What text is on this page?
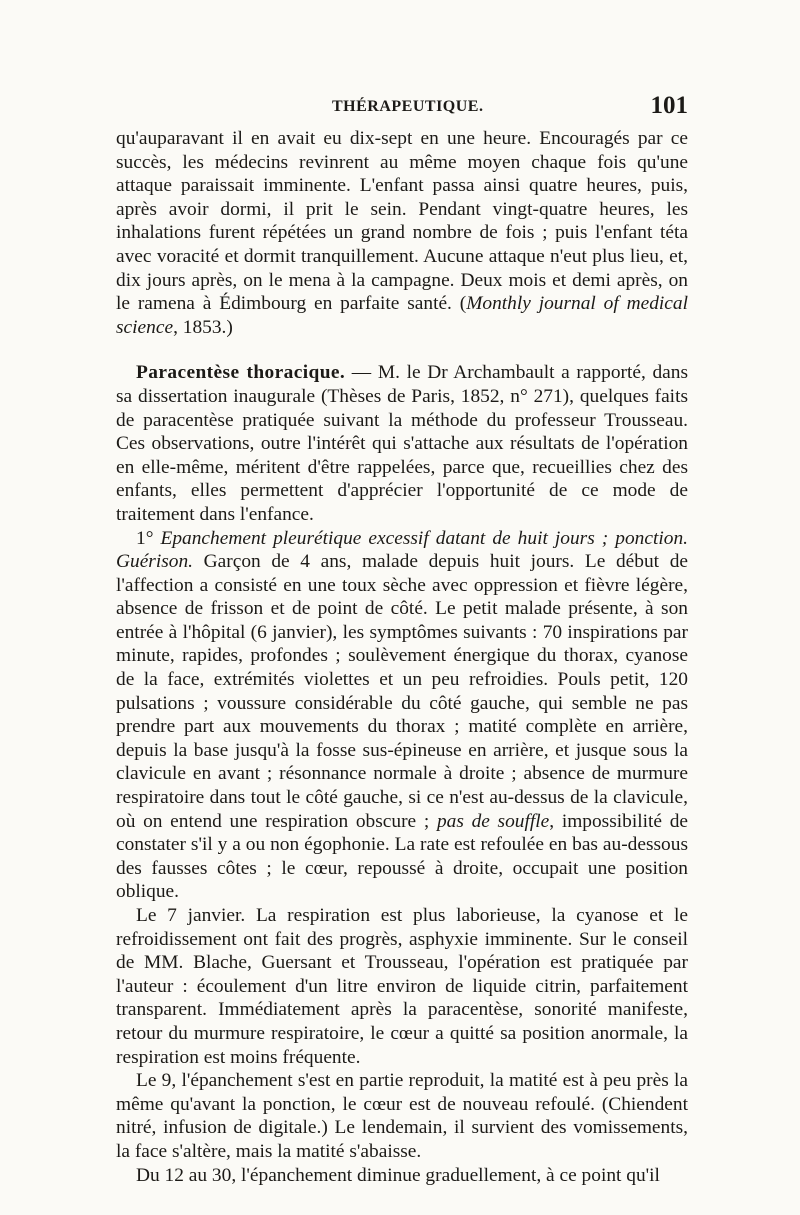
THÉRAPEUTIQUE.	101

qu'auparavant il en avait eu dix-sept en une heure. Encouragés par ce succès, les médecins revinrent au même moyen chaque fois qu'une attaque paraissait imminente. L'enfant passa ainsi quatre heures, puis, après avoir dormi, il prit le sein. Pendant vingt-quatre heures, les inhalations furent répétées un grand nombre de fois ; puis l'enfant téta avec voracité et dormit tranquillement. Aucune attaque n'eut plus lieu, et, dix jours après, on le mena à la campagne. Deux mois et demi après, on le ramena à Édimbourg en parfaite santé. (Monthly journal of medical science, 1853.)

Paracentèse thoracique. — M. le Dr Archambault a rapporté, dans sa dissertation inaugurale (Thèses de Paris, 1852, n° 271), quelques faits de paracentèse pratiquée suivant la méthode du professeur Trousseau. Ces observations, outre l'intérêt qui s'attache aux résultats de l'opération en elle-même, méritent d'être rappelées, parce que, recueillies chez des enfants, elles permettent d'apprécier l'opportunité de ce mode de traitement dans l'enfance.

1° Epanchement pleurétique excessif datant de huit jours ; ponction. Guérison. Garçon de 4 ans, malade depuis huit jours. Le début de l'affection a consisté en une toux sèche avec oppression et fièvre légère, absence de frisson et de point de côté. Le petit malade présente, à son entrée à l'hôpital (6 janvier), les symptômes suivants : 70 inspirations par minute, rapides, profondes ; soulèvement énergique du thorax, cyanose de la face, extrémités violettes et un peu refroidies. Pouls petit, 120 pulsations ; voussure considérable du côté gauche, qui semble ne pas prendre part aux mouvements du thorax ; matité complète en arrière, depuis la base jusqu'à la fosse sus-épineuse en arrière, et jusque sous la clavicule en avant ; résonnance normale à droite ; absence de murmure respiratoire dans tout le côté gauche, si ce n'est au-dessus de la clavicule, où on entend une respiration obscure ; pas de souffle, impossibilité de constater s'il y a ou non égophonie. La rate est refoulée en bas au-dessous des fausses côtes ; le cœur, repoussé à droite, occupait une position oblique.

Le 7 janvier. La respiration est plus laborieuse, la cyanose et le refroidissement ont fait des progrès, asphyxie imminente. Sur le conseil de MM. Blache, Guersant et Trousseau, l'opération est pratiquée par l'auteur : écoulement d'un litre environ de liquide citrin, parfaitement transparent. Immédiatement après la paracentèse, sonorité manifeste, retour du murmure respiratoire, le cœur a quitté sa position anormale, la respiration est moins fréquente.

Le 9, l'épanchement s'est en partie reproduit, la matité est à peu près la même qu'avant la ponction, le cœur est de nouveau refoulé. (Chiendent nitré, infusion de digitale.) Le lendemain, il survient des vomissements, la face s'altère, mais la matité s'abaisse.

Du 12 au 30, l'épanchement diminue graduellement, à ce point qu'il
